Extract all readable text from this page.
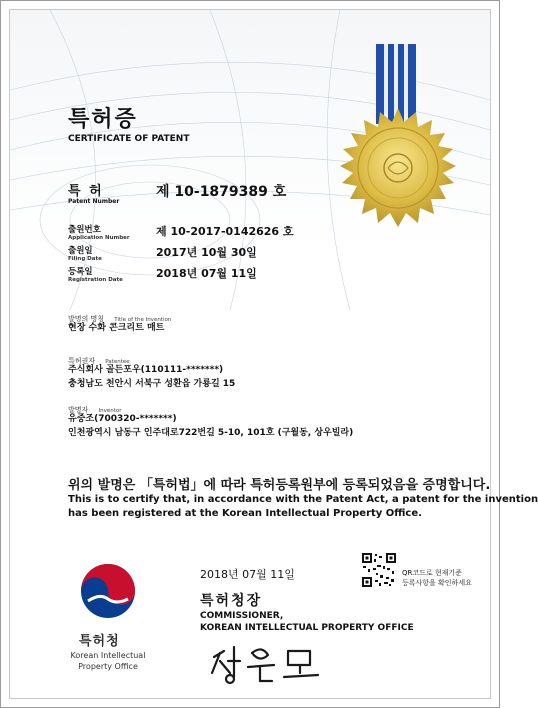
특허증
CERTIFICATE OF PATENT
특 허
Patent Number
제 10-1879389 호
출원번호
Application Number 제 10-2017-0142626 호
출원일
Filing Date	2017년 10월 30일
등록일
Registration Date	2018년 07월 11일
발명의 명칭 Title of the Invention
현장 수화 콘크리트 매트
특허권자 Patentee
주식회사 골든포우(110111-*******)
충청남도 천안시 서북구 성환읍 가룡길 15
발명자 Inventor
유중조(700320-*******)
인천광역시 남동구 인주대로722번길 5-10, 101호 (구월동, 상우빌라)
위의 발명은 「특허법」에 따라 특허등록원부에 등록되었음을 증명합니다.
This is to certify that, in accordance with the Patent Act, a patent for the invention
has been registered at the Korean Intellectual Property Office.
2018년 07월 11일	QR코드로 현재기준
등록사항을 확인하세요
특허청장
COMMISSIONER,
KOREAN INTELLECTUAL PROPERTY OFFICE
특허청
Korean Intellectual
Property Office
